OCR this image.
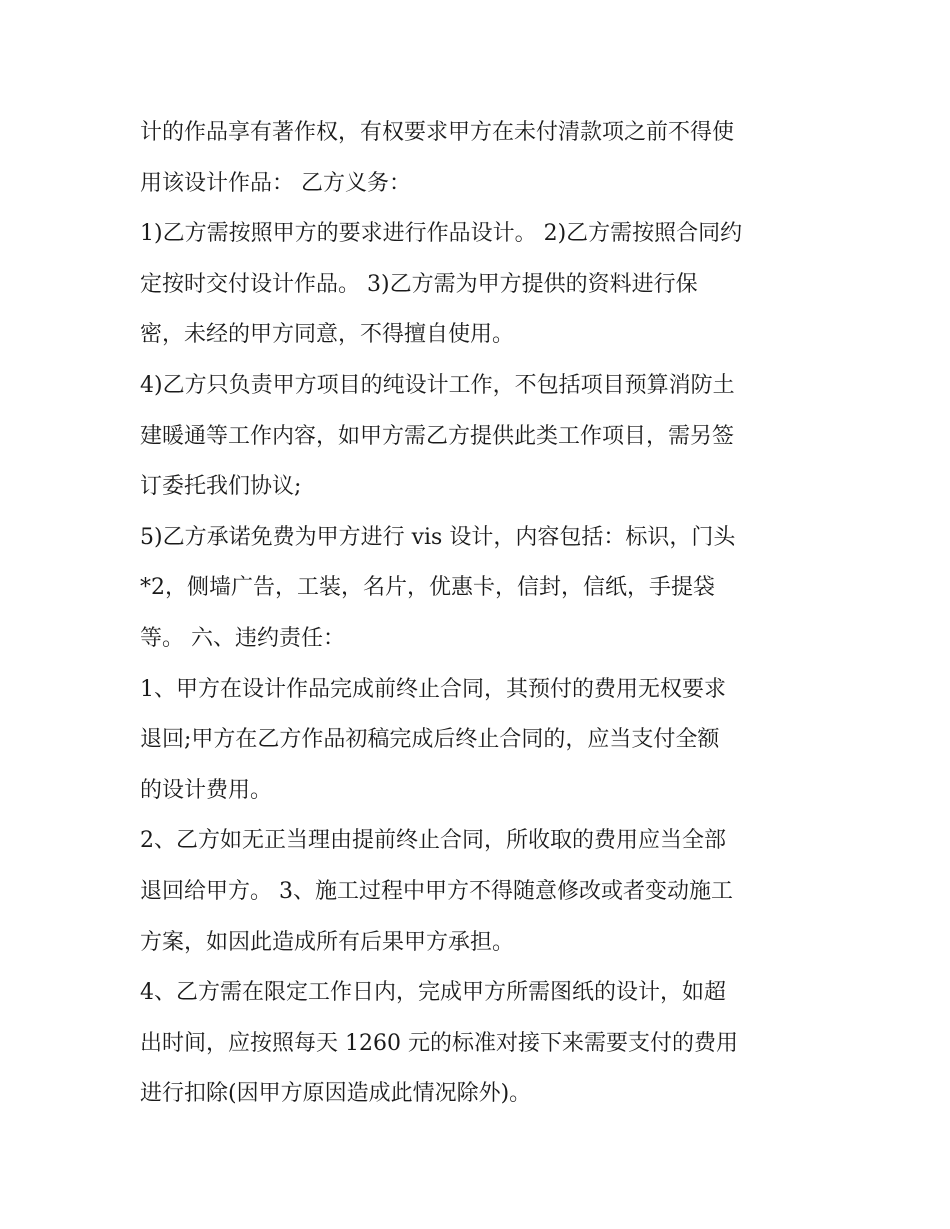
计的作品享有著作权，有权要求甲方在未付清款项之前不得使
用该设计作品： 乙方义务：
1)乙方需按照甲方的要求进行作品设计。 2)乙方需按照合同约
定按时交付设计作品。 3)乙方需为甲方提供的资料进行保
密，未经的甲方同意，不得擅自使用。
4)乙方只负责甲方项目的纯设计工作，不包括项目预算消防土
建暖通等工作内容，如甲方需乙方提供此类工作项目，需另签
订委托我们协议;
5)乙方承诺免费为甲方进行 vis 设计，内容包括：标识，门头
*2，侧墙广告，工装，名片，优惠卡，信封，信纸，手提袋
等。 六、违约责任：
1、甲方在设计作品完成前终止合同，其预付的费用无权要求
退回;甲方在乙方作品初稿完成后终止合同的，应当支付全额
的设计费用。
2、乙方如无正当理由提前终止合同，所收取的费用应当全部
退回给甲方。 3、施工过程中甲方不得随意修改或者变动施工
方案，如因此造成所有后果甲方承担。
4、乙方需在限定工作日内，完成甲方所需图纸的设计，如超
出时间，应按照每天 1260 元的标准对接下来需要支付的费用
进行扣除(因甲方原因造成此情况除外)。
